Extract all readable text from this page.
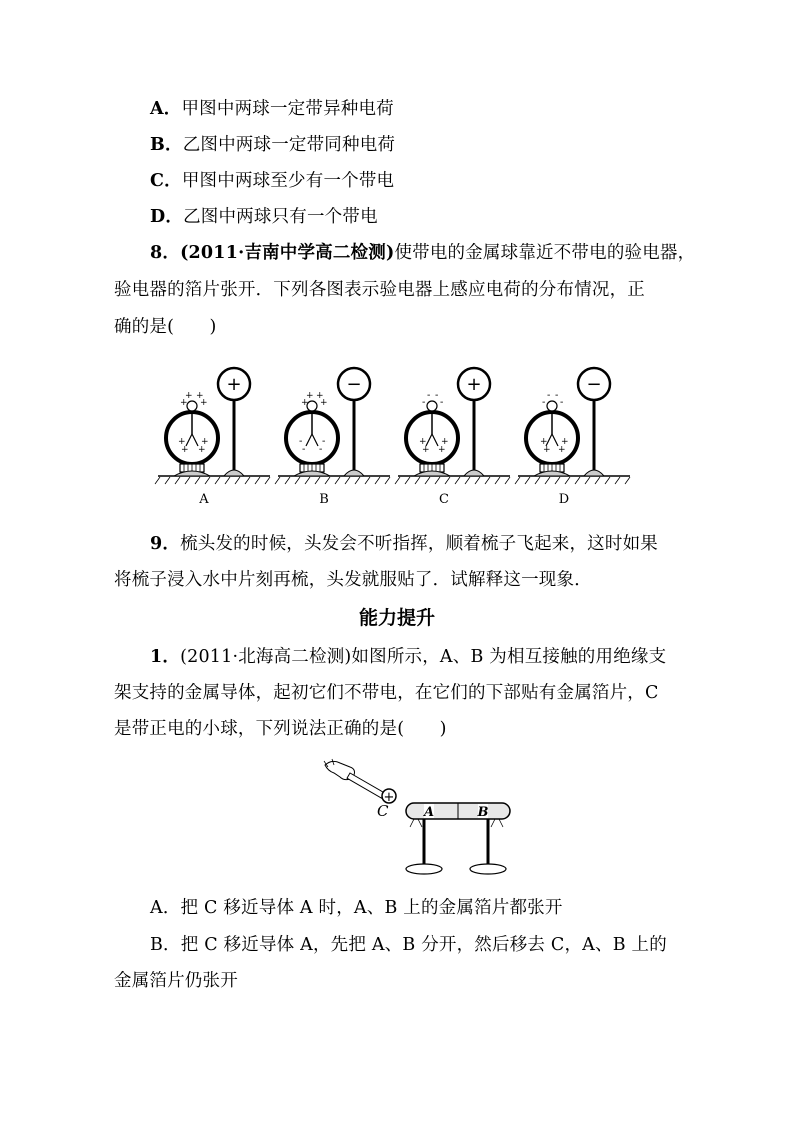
A．甲图中两球一定带异种电荷
B．乙图中两球一定带同种电荷
C．甲图中两球至少有一个带电
D．乙图中两球只有一个带电
8．(2011·吉南中学高二检测)使带电的金属球靠近不带电的验电器，
验电器的箔片张开．下列各图表示验电器上感应电荷的分布情况，正
确的是(　　)
+ +
+ +
+ +
+ +
+
A
+ +
+ +
- -
- -
−
B
- -
- -
+ +
+ +
+
C
- -
- -
+ +
+ +
−
D
9．梳头发的时候，头发会不听指挥，顺着梳子飞起来，这时如果
将梳子浸入水中片刻再梳，头发就服贴了．试解释这一现象．
能力提升
1．(2011·北海高二检测)如图所示，A、B 为相互接触的用绝缘支
架支持的金属导体，起初它们不带电，在它们的下部贴有金属箔片，C
是带正电的小球，下列说法正确的是(　　)
+
C	A	B
A．把 C 移近导体 A 时，A、B 上的金属箔片都张开
B．把 C 移近导体 A，先把 A、B 分开，然后移去 C，A、B 上的
金属箔片仍张开
